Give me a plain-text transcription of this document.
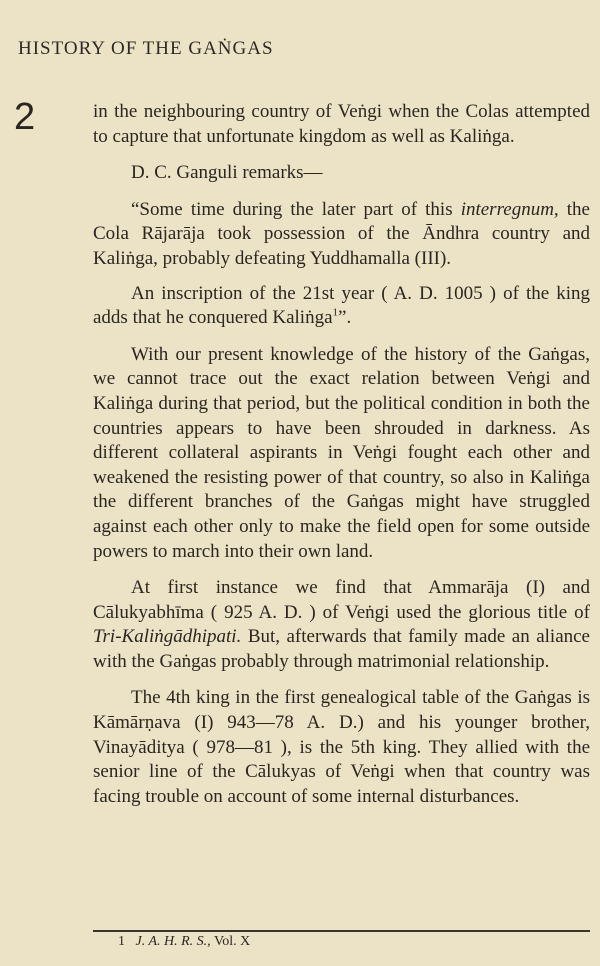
HISTORY OF THE GAṄGAS
2	in the neighbouring country of Veṅgi when the Colas attempted to capture that unfortunate kingdom as well as Kaliṅga.

D. C. Ganguli remarks—

“Some time during the later part of this interregnum, the Cola Rājarāja took possession of the Āndhra country and Kaliṅga, probably defeating Yuddhamalla (III).

An inscription of the 21st year ( A. D. 1005 ) of the king adds that he conquered Kaliṅga$^1$”.

With our present knowledge of the history of the Gaṅgas, we cannot trace out the exact relation between Veṅgi and Kaliṅga during that period, but the political condition in both the countries appears to have been shrouded in darkness. As different collateral aspirants in Veṅgi fought each other and weakened the resisting power of that country, so also in Kaliṅga the different branches of the Gaṅgas might have struggled against each other only to make the field open for some outside powers to march into their own land.

At first instance we find that Ammarāja (I) and Cālukyabhīma ( 925 A. D. ) of Veṅgi used the glorious title of Tri-Kaliṅgādhipati. But, afterwards that family made an aliance with the Gaṅgas probably through matrimonial relationship.

The 4th king in the first genealogical table of the Gaṅgas is Kāmārṇava (I) 943—78 A. D.) and his younger brother, Vinayāditya ( 978—81 ), is the 5th king. They allied with the senior line of the Cālukyas of Veṅgi when that country was facing trouble on account of some internal disturbances.

1 J. A. H. R. S., Vol. X
